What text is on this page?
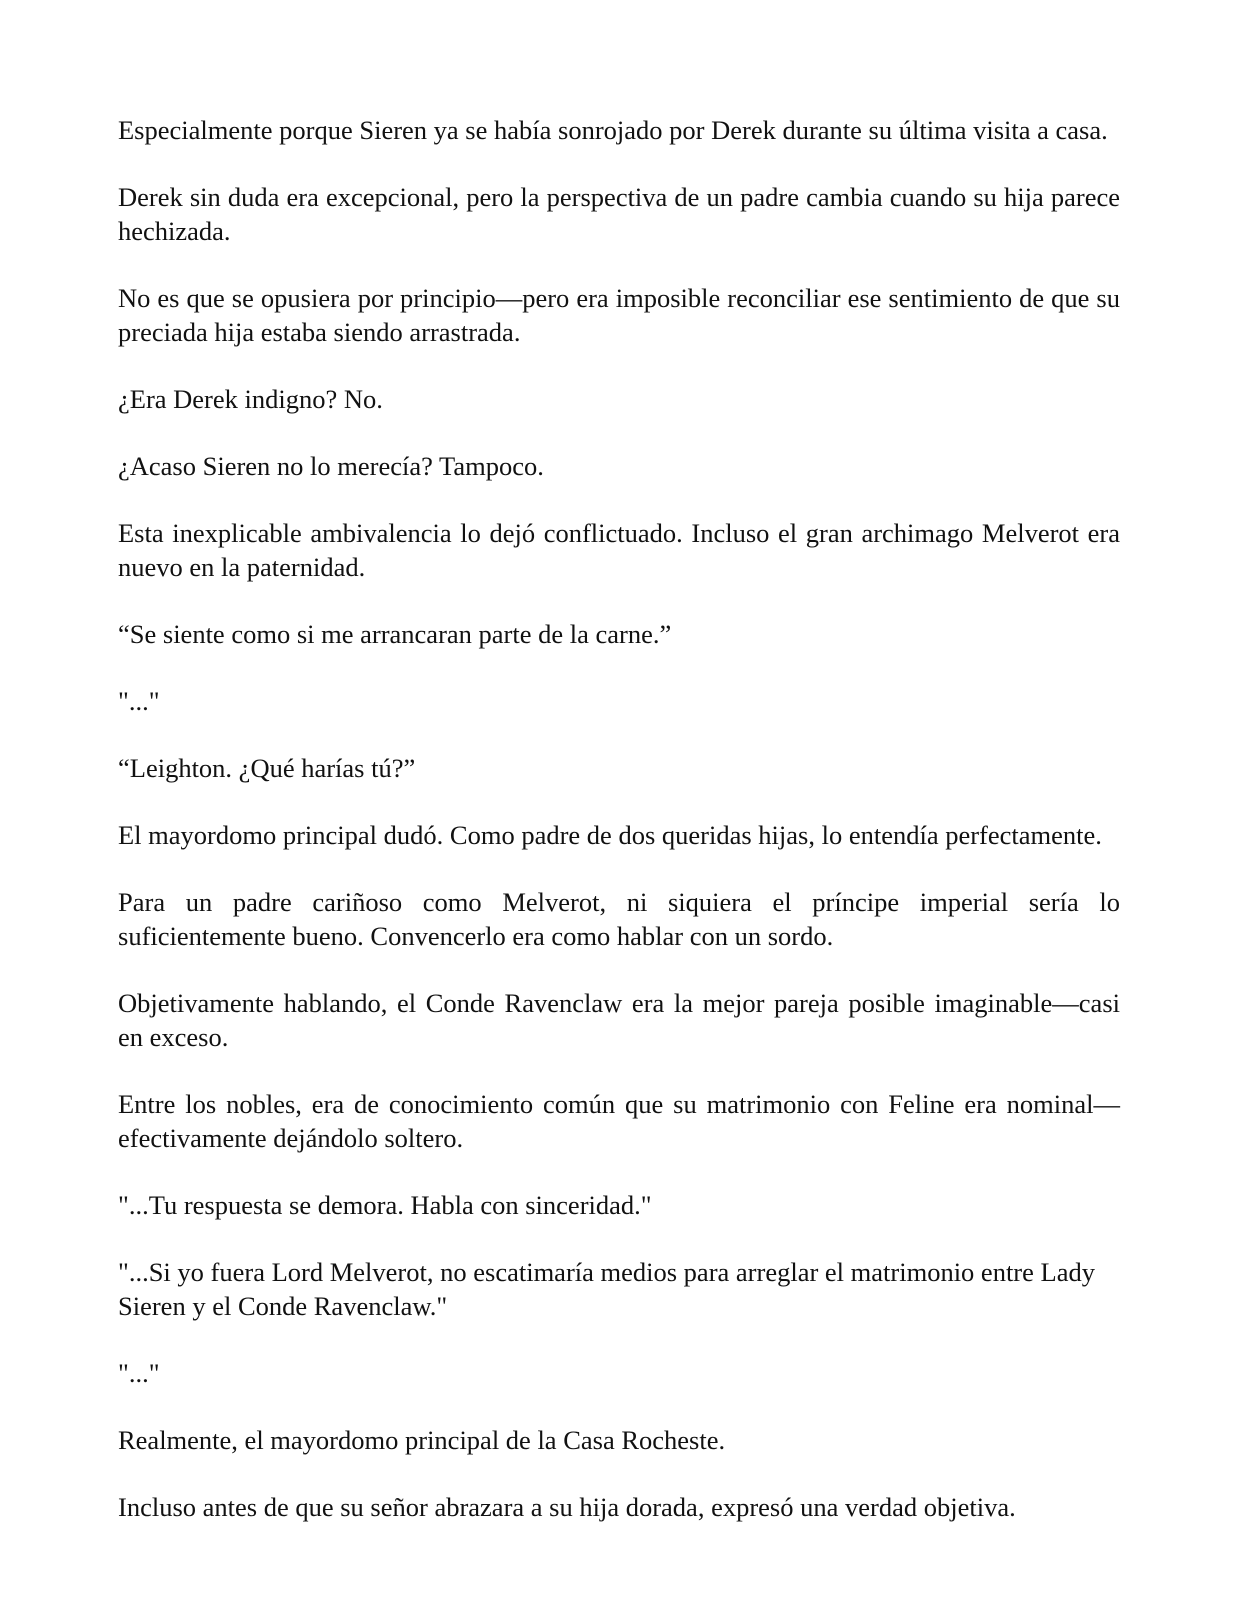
Especialmente porque Sieren ya se había sonrojado por Derek durante su última visita a casa.

Derek sin duda era excepcional, pero la perspectiva de un padre cambia cuando su hija parece hechizada.

No es que se opusiera por principio—pero era imposible reconciliar ese sentimiento de que su preciada hija estaba siendo arrastrada.

¿Era Derek indigno? No.

¿Acaso Sieren no lo merecía? Tampoco.

Esta inexplicable ambivalencia lo dejó conflictuado. Incluso el gran archimago Melverot era nuevo en la paternidad.

“Se siente como si me arrancaran parte de la carne.”

"..."

“Leighton. ¿Qué harías tú?”

El mayordomo principal dudó. Como padre de dos queridas hijas, lo entendía perfectamente.

Para un padre cariñoso como Melverot, ni siquiera el príncipe imperial sería lo suficientemente bueno. Convencerlo era como hablar con un sordo.

Objetivamente hablando, el Conde Ravenclaw era la mejor pareja posible imaginable—casi en exceso.

Entre los nobles, era de conocimiento común que su matrimonio con Feline era nominal—efectivamente dejándolo soltero.

"...Tu respuesta se demora. Habla con sinceridad."

"...Si yo fuera Lord Melverot, no escatimaría medios para arreglar el matrimonio entre Lady Sieren y el Conde Ravenclaw."

"..."

Realmente, el mayordomo principal de la Casa Rocheste.

Incluso antes de que su señor abrazara a su hija dorada, expresó una verdad objetiva.
